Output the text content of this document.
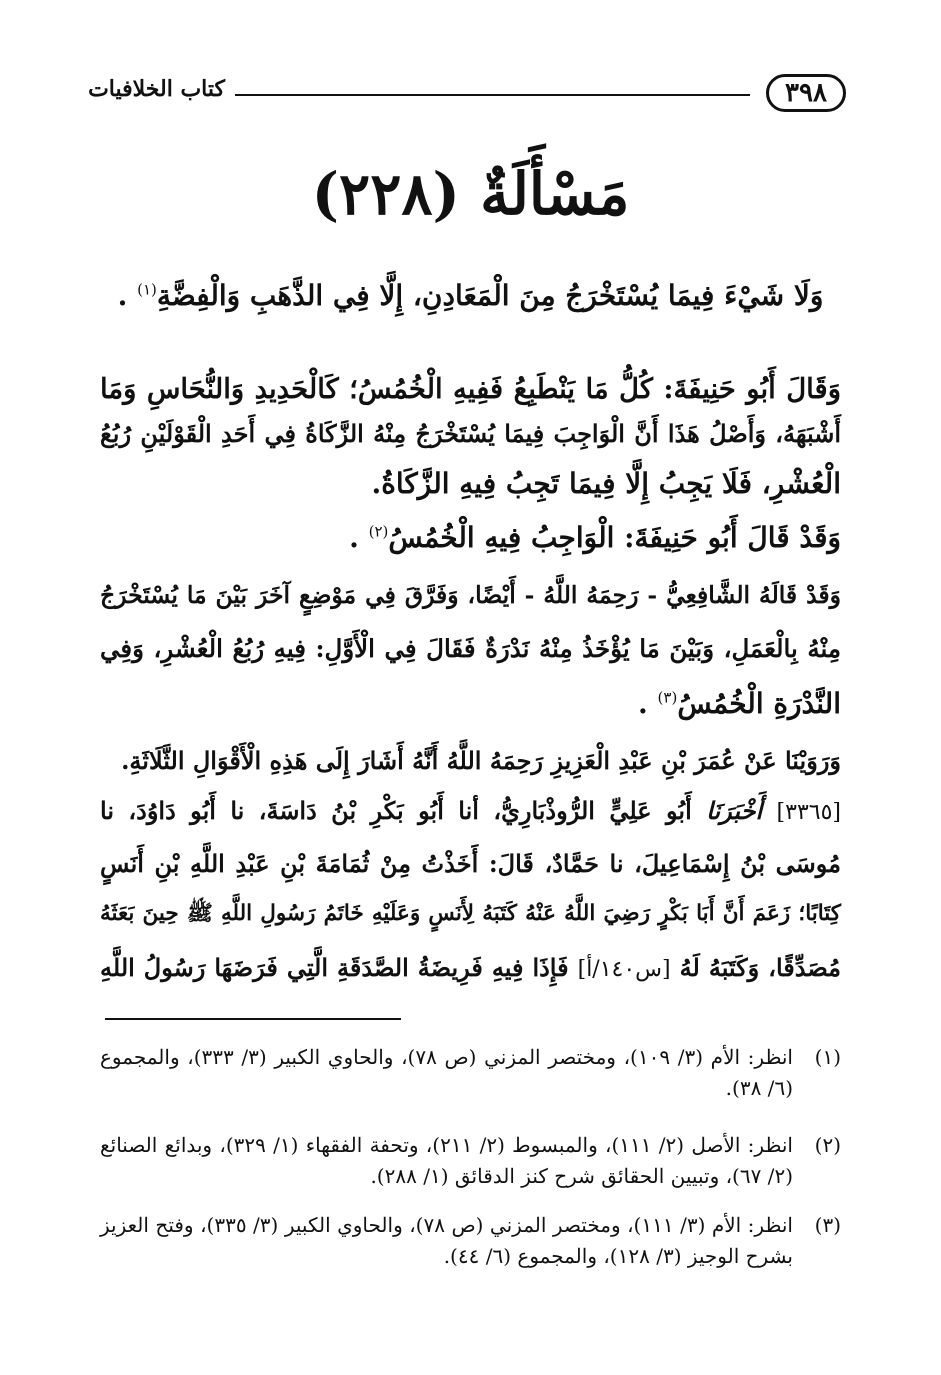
٣٩٨
كتاب الخلافيات
مَسْأَلَةٌ (٢٢٨)
وَلَا شَيْءَ فِيمَا يُسْتَخْرَجُ مِنَ الْمَعَادِنِ، إِلَّا فِي الذَّهَبِ وَالْفِضَّةِ$^{(١)}$ .
وَقَالَ أَبُو حَنِيفَةَ: كُلُّ مَا يَنْطَبِعُ فَفِيهِ الْخُمُسُ؛ كَالْحَدِيدِ وَالنُّحَاسِ وَمَا
أَشْبَهَهُ، وَأَصْلُ هَذَا أَنَّ الْوَاجِبَ فِيمَا يُسْتَخْرَجُ مِنْهُ الزَّكَاةُ فِي أَحَدِ الْقَوْلَيْنِ رُبُعُ
الْعُشْرِ، فَلَا يَجِبُ إِلَّا فِيمَا تَجِبُ فِيهِ الزَّكَاةُ.
وَقَدْ قَالَ أَبُو حَنِيفَةَ: الْوَاجِبُ فِيهِ الْخُمُسُ$^{(٢)}$ .
وَقَدْ قَالَهُ الشَّافِعِيُّ - رَحِمَهُ اللَّهُ - أَيْضًا، وَفَرَّقَ فِي مَوْضِعٍ آخَرَ بَيْنَ مَا يُسْتَخْرَجُ
مِنْهُ بِالْعَمَلِ، وَبَيْنَ مَا يُؤْخَذُ مِنْهُ نَدْرَةٌ فَقَالَ فِي الْأَوَّلِ: فِيهِ رُبُعُ الْعُشْرِ، وَفِي
النَّدْرَةِ الْخُمُسُ$^{(٣)}$ .
وَرَوَيْنَا عَنْ عُمَرَ بْنِ عَبْدِ الْعَزِيزِ رَحِمَهُ اللَّهُ أَنَّهُ أَشَارَ إِلَى هَذِهِ الْأَقْوَالِ الثَّلَاثَةِ.
[٣٣٦٥] أَخْبَرَنَا أَبُو عَلِيٍّ الرُّوذْبَارِيُّ، أنا أَبُو بَكْرِ بْنُ دَاسَةَ، نا أَبُو دَاوُدَ، نا
مُوسَى بْنُ إِسْمَاعِيلَ، نا حَمَّادٌ، قَالَ: أَخَذْتُ مِنْ ثُمَامَةَ بْنِ عَبْدِ اللَّهِ بْنِ أَنَسٍ
كِتَابًا؛ زَعَمَ أَنَّ أَبَا بَكْرٍ رَضِيَ اللَّهُ عَنْهُ كَتَبَهُ لِأَنَسٍ وَعَلَيْهِ خَاتَمُ رَسُولِ اللَّهِ ﷺ حِينَ بَعَثَهُ
مُصَدِّقًا، وَكَتَبَهُ لَهُ [س١٤٠/أ] فَإِذَا فِيهِ فَرِيضَةُ الصَّدَقَةِ الَّتِي فَرَضَهَا رَسُولُ اللَّهِ
(١)
انظر: الأم (٣/ ١٠٩)، ومختصر المزني (ص ٧٨)، والحاوي الكبير (٣/ ٣٣٣)، والمجموع (٦/ ٣٨).
(٢)
انظر: الأصل (٢/ ١١١)، والمبسوط (٢/ ٢١١)، وتحفة الفقهاء (١/ ٣٢٩)، وبدائع الصنائع (٢/ ٦٧)، وتبيين الحقائق شرح كنز الدقائق (١/ ٢٨٨).
(٣)
انظر: الأم (٣/ ١١١)، ومختصر المزني (ص ٧٨)، والحاوي الكبير (٣/ ٣٣٥)، وفتح العزيز بشرح الوجيز (٣/ ١٢٨)، والمجموع (٦/ ٤٤).
